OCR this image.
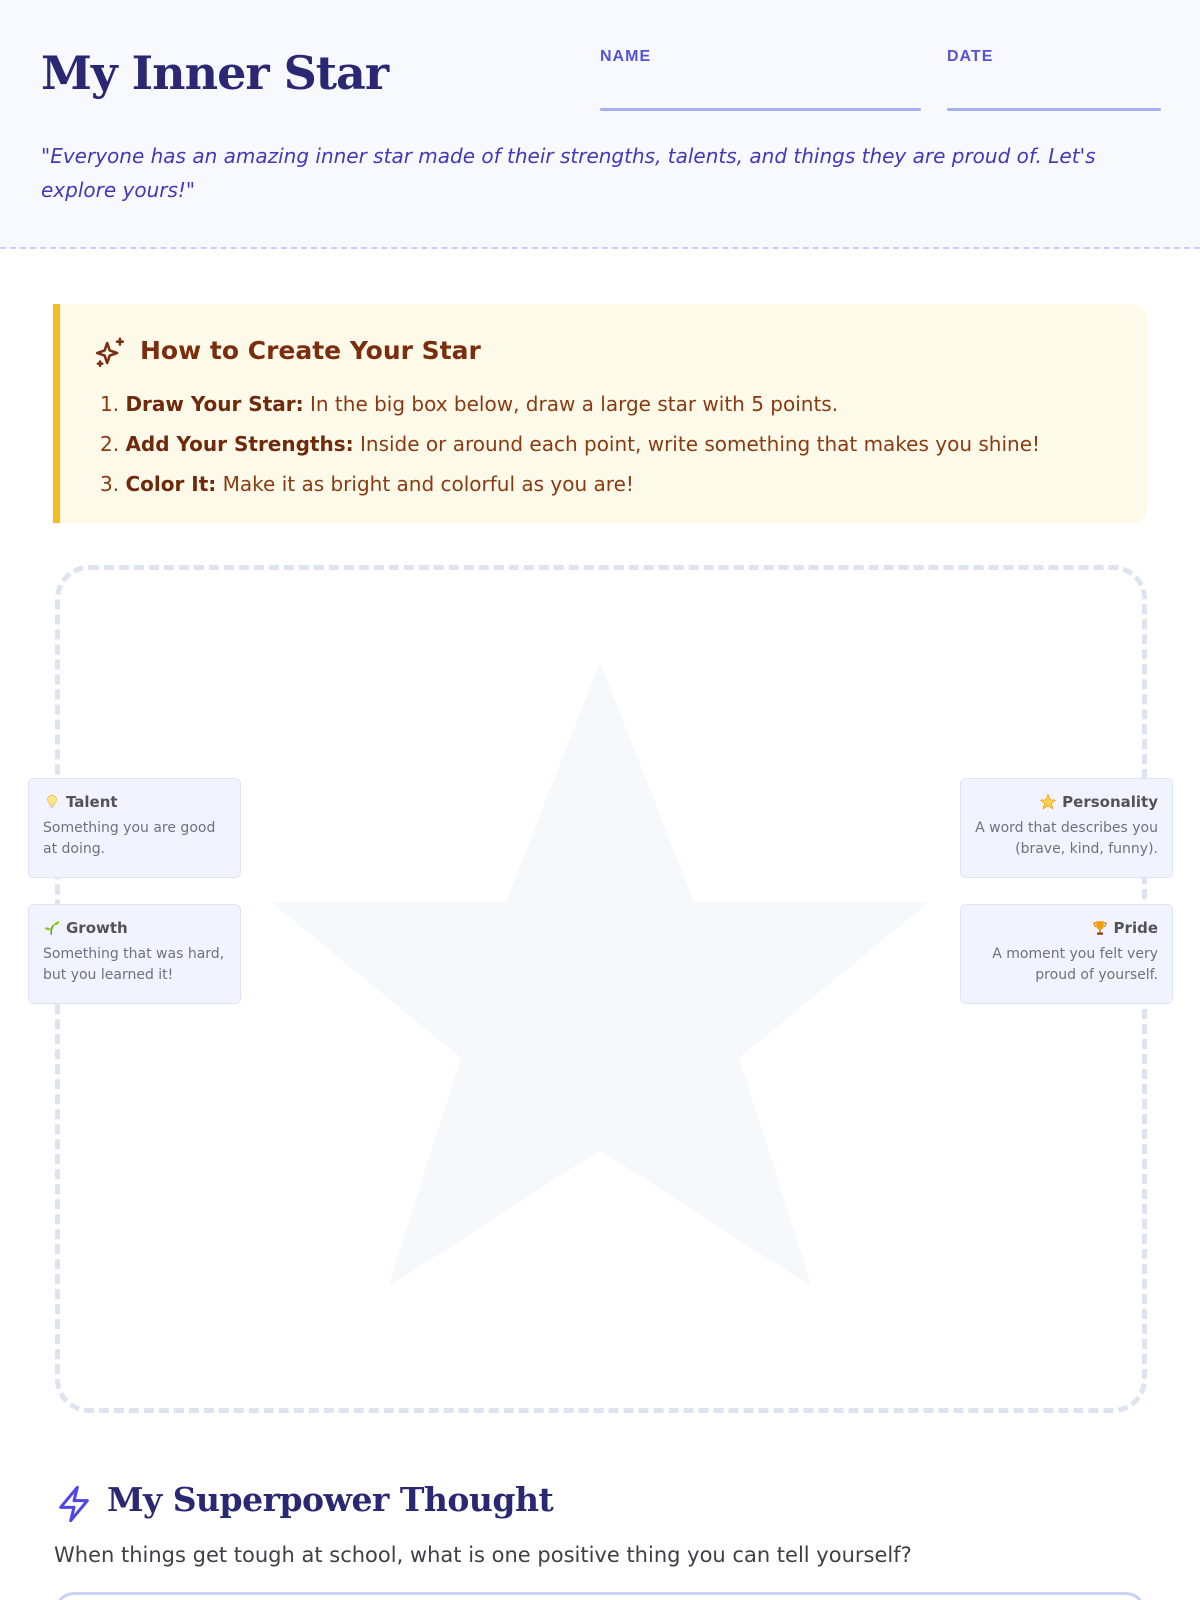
My Inner Star	NAME	DATE

"Everyone has an amazing inner star made of their strengths, talents, and things they are proud of. Let's explore yours!"

How to Create Your Star
1. Draw Your Star: In the big box below, draw a large star with 5 points.
2. Add Your Strengths: Inside or around each point, write something that makes you shine!
3. Color It: Make it as bright and colorful as you are!
Talent
Something you are good at doing.
Growth
Something that was hard, but you learned it!
Personality
A word that describes you (brave, kind, funny).
Pride
A moment you felt very proud of yourself.
My Superpower Thought

When things get tough at school, what is one positive thing you can tell yourself?
